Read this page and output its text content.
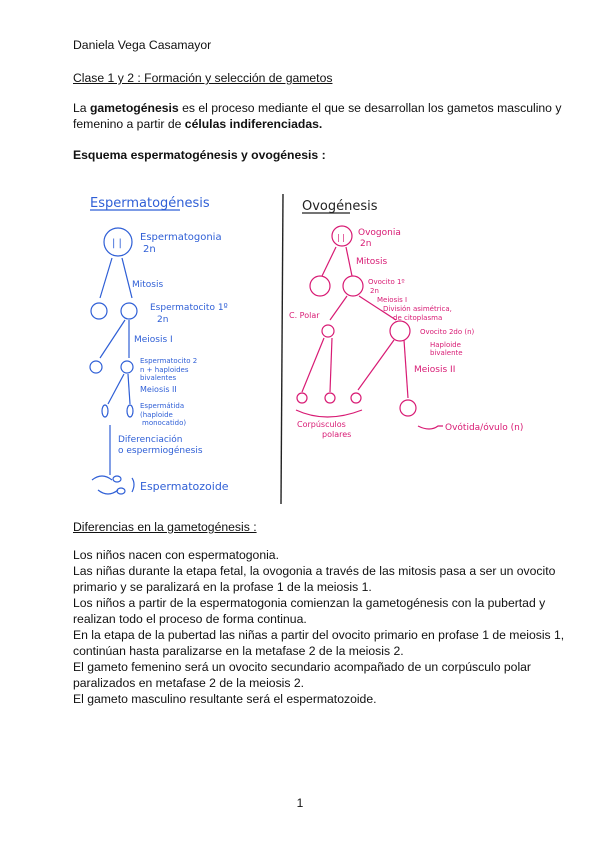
Daniela Vega Casamayor
Clase 1 y 2 : Formación y selección de gametos
La gametogénesis es el proceso mediante el que se desarrollan los gametos masculino y
femenino a partir de células indiferenciadas.
Esquema espermatogénesis y ovogénesis :
Espermatogénesis
| |
Espermatogonia
2n
Mitosis
Espermatocito 1º
2n
Meiosis I
Espermatocito 2
n + haploides
bivalentes
Meiosis II
Espermátida
(haploide
monocatido)
Diferenciación
o espermiogénesis
Espermatozoide
Ovogénesis
| | Ovogonia
2n
Mitosis
Ovocito 1º
2n
Meiosis I
División asimétrica,
de citoplasma
C. Polar
Ovocito 2do (n)
Haploide
bivalente
Meiosis II
Corpúsculos
polares
Ovótida/óvulo (n)
Diferencias en la gametogénesis :
Los niños nacen con espermatogonia.
Las niñas durante la etapa fetal, la ovogonia a través de las mitosis pasa a ser un ovocito
primario y se paralizará en la profase 1 de la meiosis 1.
Los niños a partir de la espermatogonia comienzan la gametogénesis con la pubertad y
realizan todo el proceso de forma continua.
En la etapa de la pubertad las niñas a partir del ovocito primario en profase 1 de meiosis 1,
continúan hasta paralizarse en la metafase 2 de la meiosis 2.
El gameto femenino será un ovocito secundario acompañado de un corpúsculo polar
paralizados en metafase 2 de la meiosis 2.
El gameto masculino resultante será el espermatozoide.
1
